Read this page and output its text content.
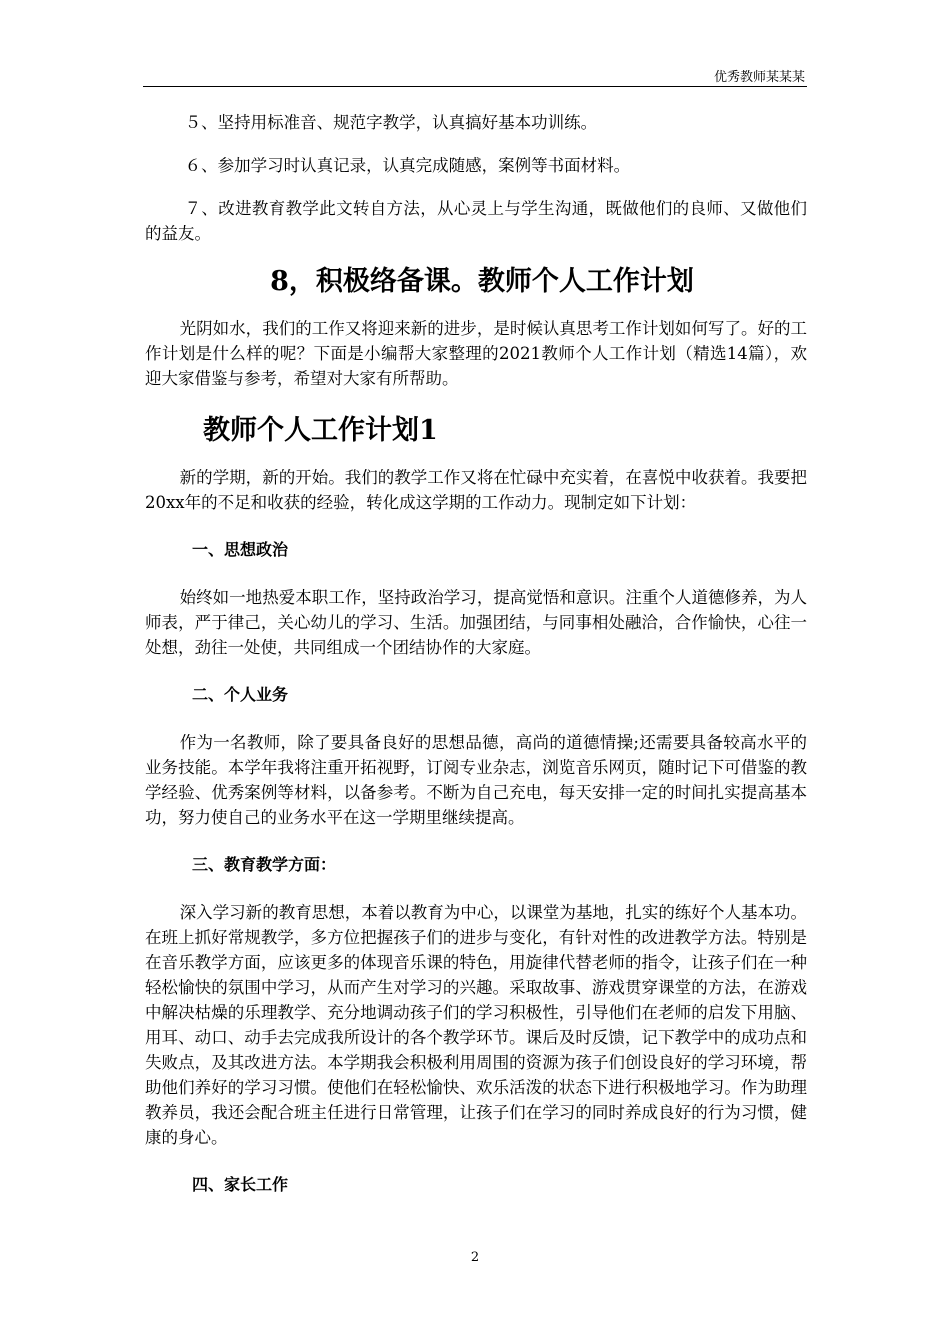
优秀教师某某某

５、坚持用标准音、规范字教学，认真搞好基本功训练。

６、参加学习时认真记录，认真完成随感，案例等书面材料。

７、改进教育教学此文转自方法，从心灵上与学生沟通，既做他们的良师、又做他们的益友。

8，积极络备课。教师个人工作计划

光阴如水，我们的工作又将迎来新的进步，是时候认真思考工作计划如何写了。好的工作计划是什么样的呢？下面是小编帮大家整理的2021教师个人工作计划（精选14篇），欢迎大家借鉴与参考，希望对大家有所帮助。

教师个人工作计划1

新的学期，新的开始。我们的教学工作又将在忙碌中充实着，在喜悦中收获着。我要把20xx年的不足和收获的经验，转化成这学期的工作动力。现制定如下计划：

一、思想政治

始终如一地热爱本职工作，坚持政治学习，提高觉悟和意识。注重个人道德修养，为人师表，严于律己，关心幼儿的学习、生活。加强团结，与同事相处融洽，合作愉快，心往一处想，劲往一处使，共同组成一个团结协作的大家庭。

二、个人业务

作为一名教师，除了要具备良好的思想品德，高尚的道德情操;还需要具备较高水平的业务技能。本学年我将注重开拓视野，订阅专业杂志，浏览音乐网页，随时记下可借鉴的教学经验、优秀案例等材料，以备参考。不断为自己充电，每天安排一定的时间扎实提高基本功，努力使自己的业务水平在这一学期里继续提高。

三、教育教学方面：

深入学习新的教育思想，本着以教育为中心，以课堂为基地，扎实的练好个人基本功。在班上抓好常规教学，多方位把握孩子们的进步与变化，有针对性的改进教学方法。特别是在音乐教学方面，应该更多的体现音乐课的特色，用旋律代替老师的指令，让孩子们在一种轻松愉快的氛围中学习，从而产生对学习的兴趣。采取故事、游戏贯穿课堂的方法，在游戏中解决枯燥的乐理教学、充分地调动孩子们的学习积极性，引导他们在老师的启发下用脑、用耳、动口、动手去完成我所设计的各个教学环节。课后及时反馈，记下教学中的成功点和失败点，及其改进方法。本学期我会积极利用周围的资源为孩子们创设良好的学习环境，帮助他们养好的学习习惯。使他们在轻松愉快、欢乐活泼的状态下进行积极地学习。作为助理教养员，我还会配合班主任进行日常管理，让孩子们在学习的同时养成良好的行为习惯，健康的身心。

四、家长工作
2
